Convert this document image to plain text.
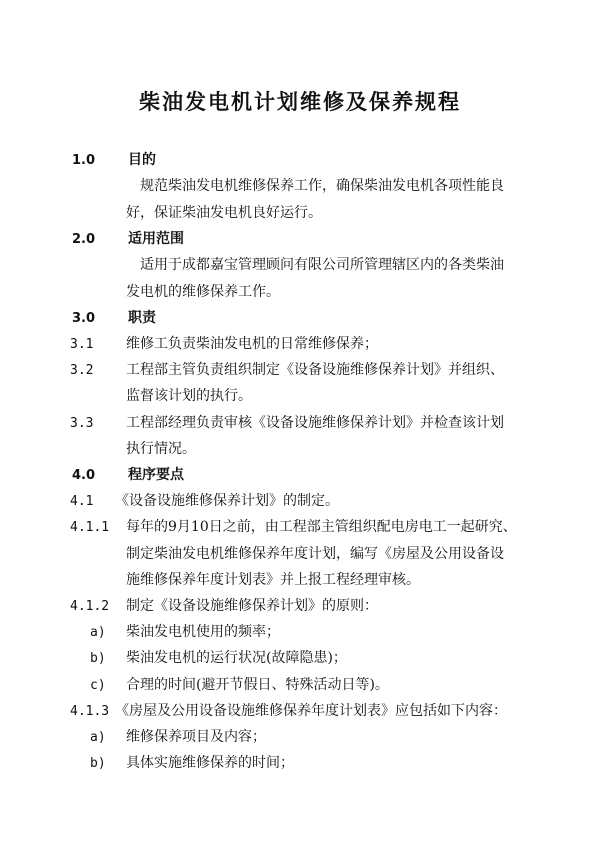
柴油发电机计划维修及保养规程
1.0 目的
规范柴油发电机维修保养工作，确保柴油发电机各项性能良
好，保证柴油发电机良好运行。
2.0 适用范围
适用于成都嘉宝管理顾问有限公司所管理辖区内的各类柴油
发电机的维修保养工作。
3.0 职责
3.1 维修工负责柴油发电机的日常维修保养；
3.2 工程部主管负责组织制定《设备设施维修保养计划》并组织、
监督该计划的执行。
3.3 工程部经理负责审核《设备设施维修保养计划》并检查该计划
执行情况。
4.0 程序要点
4.1 《设备设施维修保养计划》的制定。
4.1.1 每年的9月10日之前，由工程部主管组织配电房电工一起研究、
制定柴油发电机维修保养年度计划，编写《房屋及公用设备设
施维修保养年度计划表》并上报工程经理审核。
4.1.2 制定《设备设施维修保养计划》的原则：
a) 柴油发电机使用的频率；
b) 柴油发电机的运行状况(故障隐患)；
c) 合理的时间(避开节假日、特殊活动日等)。
4.1.3 《房屋及公用设备设施维修保养年度计划表》应包括如下内容：
a) 维修保养项目及内容；
b) 具体实施维修保养的时间；
